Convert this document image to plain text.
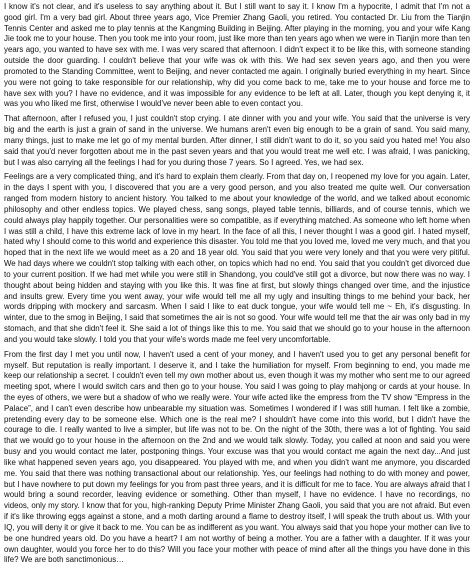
I know it's not clear, and it's useless to say anything about it. But I still want to say it. I know I'm a hypocrite, I admit that I'm not a good girl. I'm a very bad girl. About three years ago, Vice Premier Zhang Gaoli, you retired. You contacted Dr. Liu from the Tianjin Tennis Center and asked me to play tennis at the Kangming Building in Beijing. After playing in the morning, you and your wife Kang Jie took me to your house. Then you took me into your room, just like more than ten years ago when we were in Tianjin more than ten years ago, you wanted to have sex with me. I was very scared that afternoon. I didn't expect it to be like this, with someone standing outside the door guarding. I couldn't believe that your wife was ok with this. We had sex seven years ago, and then you were promoted to the Standing Committee, went to Beijing, and never contacted me again. I originally buried everything in my heart. Since you were not going to take responsible for our relationship, why did you come back to me, take me to your house and force me to have sex with you? I have no evidence, and it was impossible for any evidence to be left at all. Later, though you kept denying it, it was you who liked me first, otherwise I would've never been able to even contact you.

That afternoon, after I refused you, I just couldn't stop crying. I ate dinner with you and your wife. You said that the universe is very big and the earth is just a grain of sand in the universe. We humans aren't even big enough to be a grain of sand. You said many, many things, just to make me let go of my mental burden. After dinner, I still didn't want to do it, so you said you hated me! You also said that you'd never forgotten about me in the past seven years and that you would treat me well etc. I was afraid, I was panicking, but I was also carrying all the feelings I had for you during those 7 years. So I agreed. Yes, we had sex.

Feelings are a very complicated thing, and it's hard to explain them clearly. From that day on, I reopened my love for you again. Later, in the days I spent with you, I discovered that you are a very good person, and you also treated me quite well. Our conversation ranged from modern history to ancient history. You talked to me about your knowledge of the world, and we talked about economic philosophy and other endless topics. We played chess, sang songs, played table tennis, billiards, and of course tennis, which we could always play happily together. Our personalities were so compatible, as if everything matched. As someone who left home when I was still a child, I have this extreme lack of love in my heart. In the face of all this, I never thought I was a good girl. I hated myself, hated why I should come to this world and experience this disaster. You told me that you loved me, loved me very much, and that you hoped that in the next life we would meet as a 20 and 18 year old. You said that you were very lonely and that you were very pitiful. We had days where we couldn't stop talking with each other, on topics which had no end. You said that you couldn't get divorced due to your current position. If we had met while you were still in Shandong, you could've still got a divorce, but now there was no way. I thought about being hidden and staying with you like this. It was fine at first, but slowly things changed over time, and the injustice and insults grew. Every time you went away, your wife would tell me all my ugly and insulting things to me behind your back, her words dripping with mockery and sarcasm. When I said I like to eat duck tongue, your wife would tell me ~ Eh, it's disgusting. In winter, due to the smog in Beijing, I said that sometimes the air is not so good. Your wife would tell me that the air was only bad in my stomach, and that she didn't feel it. She said a lot of things like this to me. You said that we should go to your house in the afternoon and you would take slowly. I told you that your wife's words made me feel very uncomfortable.

From the first day I met you until now, I haven't used a cent of your money, and I haven't used you to get any personal benefit for myself. But reputation is really important. I deserve it, and I take the humiliation for myself. From beginning to end, you made me keep our relationship a secret. I couldn't even tell my own mother about us, even though it was my mother who sent me to our agreed meeting spot, where I would switch cars and then go to your house. You said I was going to play mahjong or cards at your house. In the eyes of others, we were but a shadow of who we really were. Your wife acted like the empress from the TV show “Empress in the Palace”, and I can't even describe how unbearable my situation was. Sometimes I wondered if I was still human. I felt like a zombie, pretending every day to be someone else. Which one is the real me? I shouldn't have come into this world, but I didn't have the courage to die. I really wanted to live a simpler, but life was not to be. On the night of the 30th, there was a lot of fighting. You said that we would go to your house in the afternoon on the 2nd and we would talk slowly. Today, you called at noon and said you were busy and you would contact me later, postponing things. Your excuse was that you would contact me again the next day...And just like what happened seven years ago, you disappeared. You played with me, and when you didn't want me anymore, you discarded me. You said that there was nothing transactional about our relationship. Yes, our feelings had nothing to do with money and power, but I have nowhere to put down my feelings for you from past three years, and it is difficult for me to face. You are always afraid that I would bring a sound recorder, leaving evidence or something. Other than myself, I have no evidence. I have no recordings, no videos, only my story. I know that for you, high-ranking Deputy Prime Minister Zhang Gaoli, you said that you are not afraid. But even if it's like throwing eggs against a stone, and a moth darting around a flame to destroy itself, I will speak the truth about us. With your IQ, you will deny it or give it back to me. You can be as indifferent as you want. You always said that you hope your mother can live to be one hundred years old. Do you have a heart? I am not worthy of being a mother. You are a father with a daughter. If it was your own daughter, would you force her to do this? Will you face your mother with peace of mind after all the things you have done in this life? We are both sanctimonious…
